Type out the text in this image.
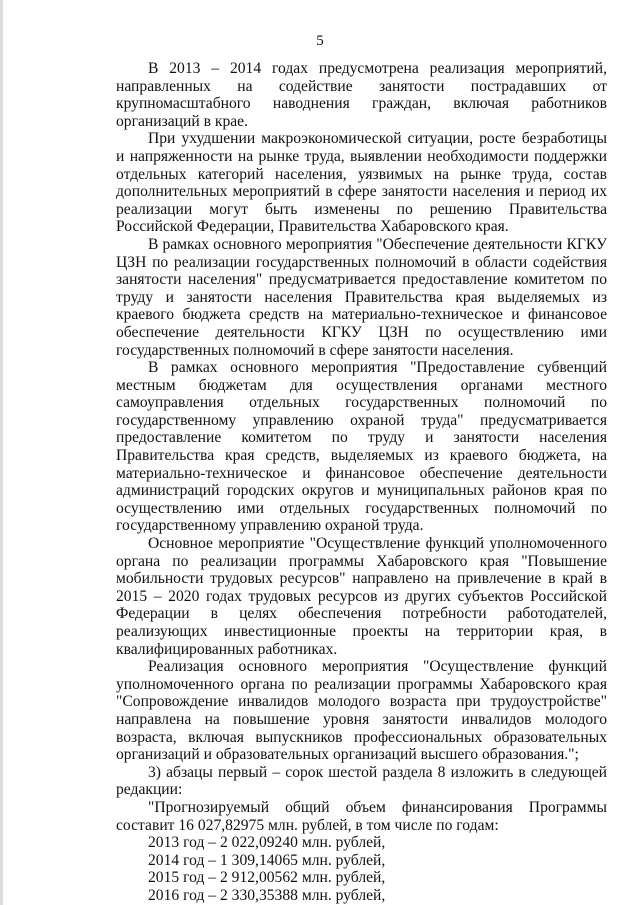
5

В 2013 – 2014 годах предусмотрена реализация мероприятий, направленных на содействие занятости пострадавших от крупномасштабного наводнения граждан, включая работников организаций в крае.

При ухудшении макроэкономической ситуации, росте безработицы и напряженности на рынке труда, выявлении необходимости поддержки отдельных категорий населения, уязвимых на рынке труда, состав дополнительных мероприятий в сфере занятости населения и период их реализации могут быть изменены по решению Правительства Российской Федерации, Правительства Хабаровского края.

В рамках основного мероприятия "Обеспечение деятельности КГКУ ЦЗН по реализации государственных полномочий в области содействия занятости населения" предусматривается предоставление комитетом по труду и занятости населения Правительства края выделяемых из краевого бюджета средств на материально-техническое и финансовое обеспечение деятельности КГКУ ЦЗН по осуществлению ими государственных полномочий в сфере занятости населения.

В рамках основного мероприятия "Предоставление субвенций местным бюджетам для осуществления органами местного самоуправления отдельных государственных полномочий по государственному управлению охраной труда" предусматривается предоставление комитетом по труду и занятости населения Правительства края средств, выделяемых из краевого бюджета, на материально-техническое и финансовое обеспечение деятельности администраций городских округов и муниципальных районов края по осуществлению ими отдельных государственных полномочий по государственному управлению охраной труда.

Основное мероприятие "Осуществление функций уполномоченного органа по реализации программы Хабаровского края "Повышение мобильности трудовых ресурсов" направлено на привлечение в край в 2015 – 2020 годах трудовых ресурсов из других субъектов Российской Федерации в целях обеспечения потребности работодателей, реализующих инвестиционные проекты на территории края, в квалифицированных работниках.

Реализация основного мероприятия "Осуществление функций уполномоченного органа по реализации программы Хабаровского края "Сопровождение инвалидов молодого возраста при трудоустройстве" направлена на повышение уровня занятости инвалидов молодого возраста, включая выпускников профессиональных образовательных организаций и образовательных организаций высшего образования.";

3) абзацы первый – сорок шестой раздела 8 изложить в следующей редакции:

"Прогнозируемый общий объем финансирования Программы составит 16 027,82975 млн. рублей, в том числе по годам:

2013 год – 2 022,09240 млн. рублей,

2014 год – 1 309,14065 млн. рублей,

2015 год – 2 912,00562 млн. рублей,

2016 год – 2 330,35388 млн. рублей,
